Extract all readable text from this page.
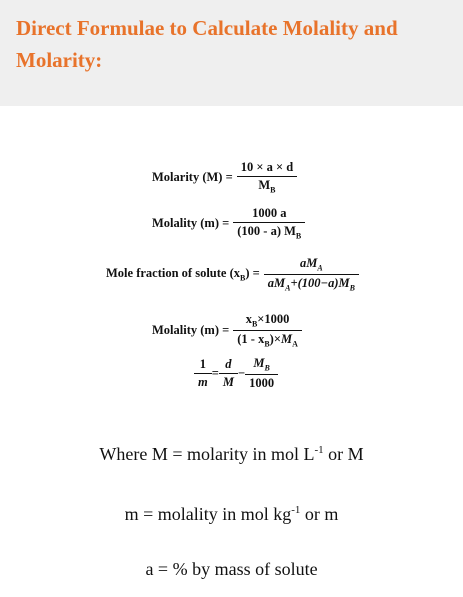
Direct Formulae to Calculate Molality and Molarity:
Molarity $(M) = \frac{10 \times a \times d}{M_B}$
Molality $(m) = \frac{1000 a}{(100 - a) M_B}$
Mole fraction of solute $(x_B) = \frac{aM_A}{aM_A+(100-a)M_B}$
Molality $(m) = \frac{x_B\times 1000}{(1 - x_B)\times M_A}$
$\frac{1}{m} = \frac{d}{M} - \frac{M_B}{1000}$
Where M = molarity in mol $L^{-1}$ or M
m = molality in mol $kg^{-1}$ or m
a = % by mass of solute
